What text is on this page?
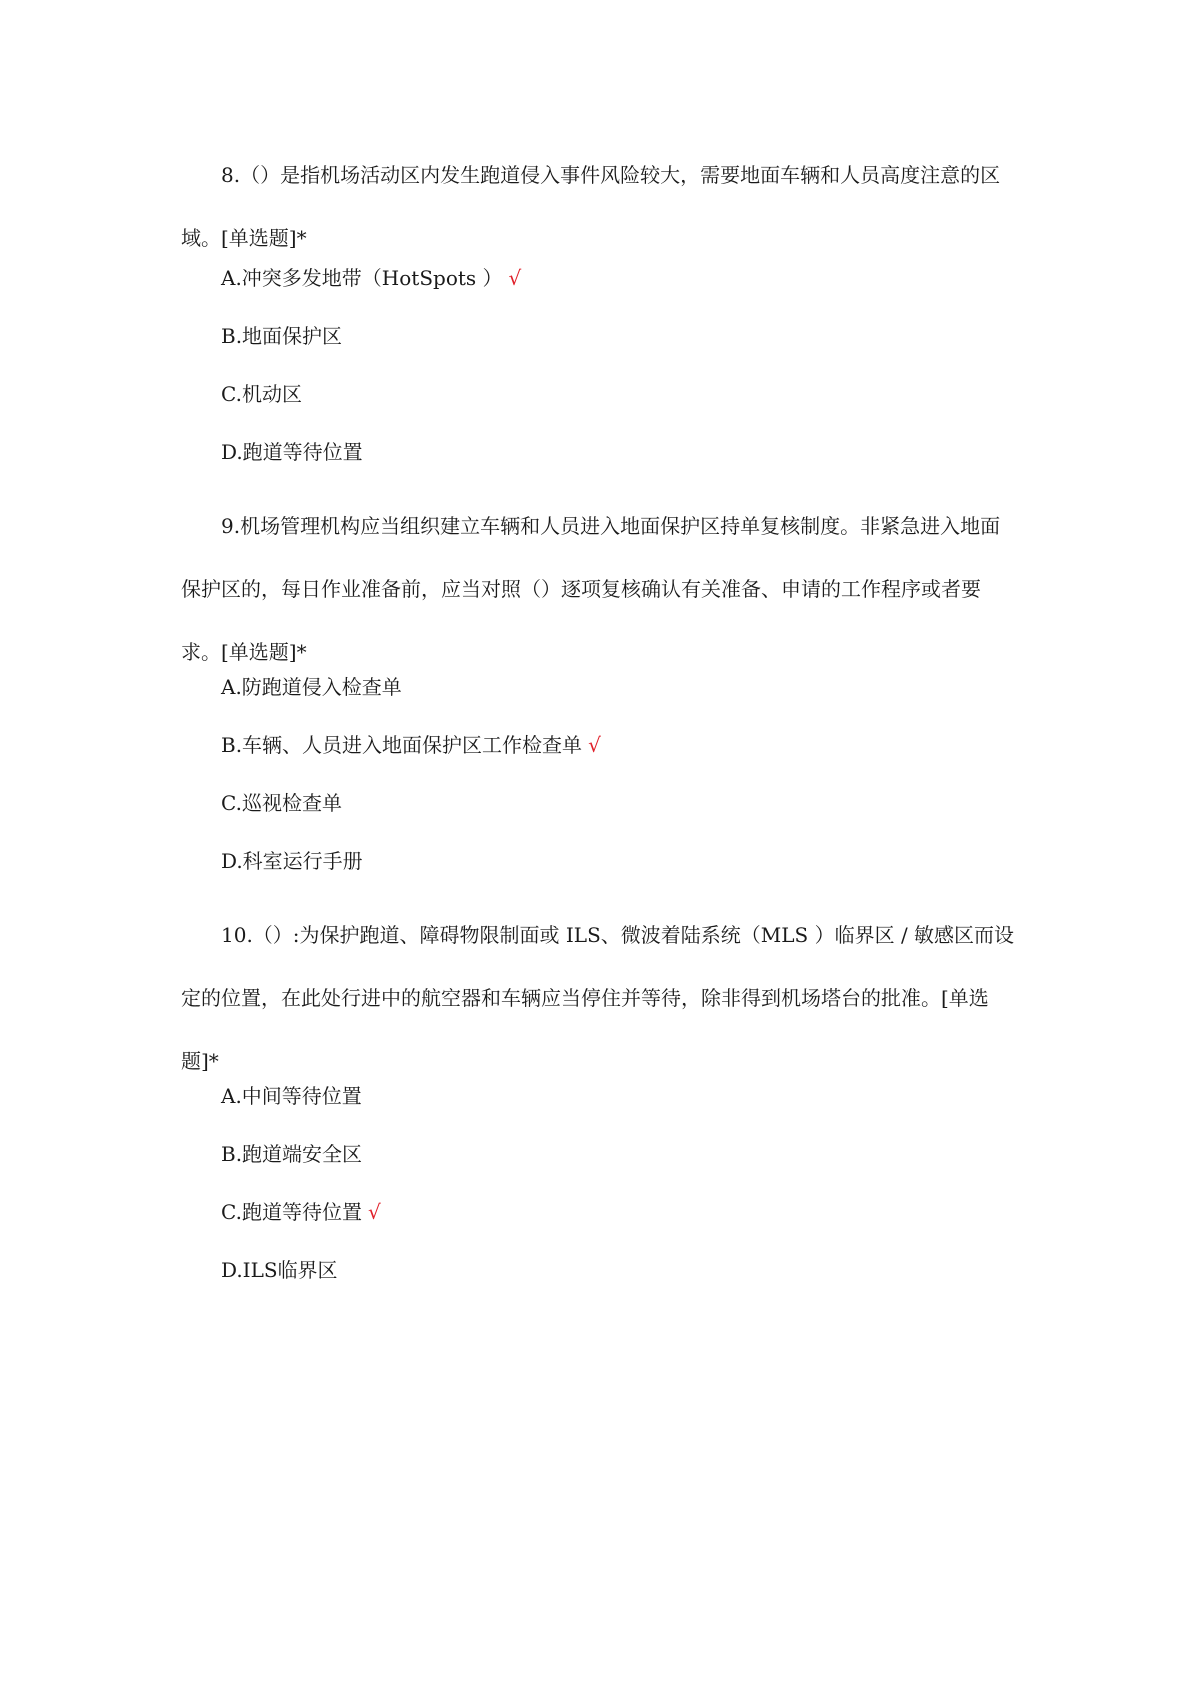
8.（）是指机场活动区内发生跑道侵入事件风险较大，需要地面车辆和人员高度注意的区域。[单选题]*

A.冲突多发地带（HotSpots ） √

B.地面保护区

C.机动区

D.跑道等待位置

9.机场管理机构应当组织建立车辆和人员进入地面保护区持单复核制度。非紧急进入地面保护区的，每日作业准备前，应当对照（）逐项复核确认有关准备、申请的工作程序或者要求。[单选题]*

A.防跑道侵入检查单

B.车辆、人员进入地面保护区工作检查单 √

C.巡视检查单

D.科室运行手册

10.（）:为保护跑道、障碍物限制面或 ILS、微波着陆系统（MLS ）临界区 / 敏感区而设定的位置，在此处行进中的航空器和车辆应当停住并等待，除非得到机场塔台的批准。[单选题]*

A.中间等待位置

B.跑道端安全区

C.跑道等待位置 √

D.ILS临界区
